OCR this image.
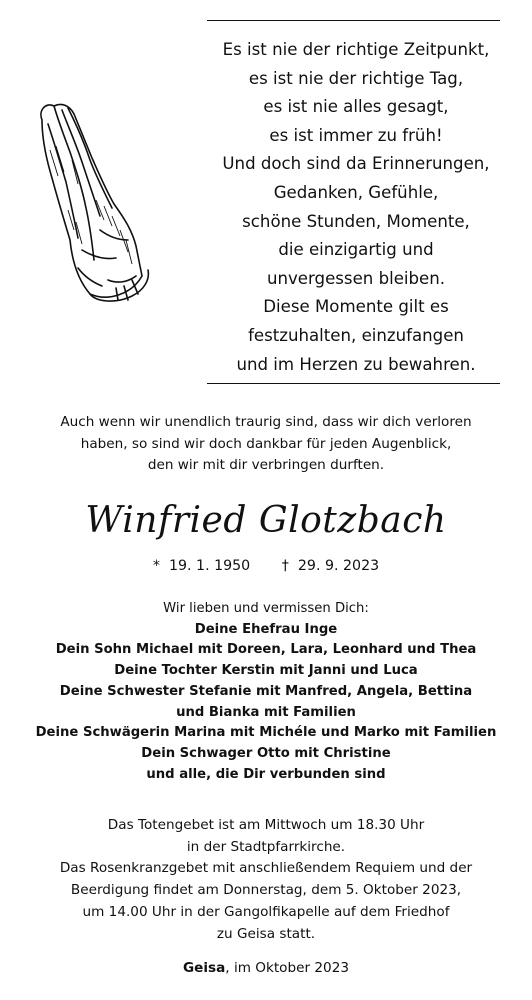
Es ist nie der richtige Zeitpunkt,
es ist nie der richtige Tag,
es ist nie alles gesagt,
es ist immer zu früh!
Und doch sind da Erinnerungen,
Gedanken, Gefühle,
schöne Stunden, Momente,
die einzigartig und
unvergessen bleiben.
Diese Momente gilt es
festzuhalten, einzufangen
und im Herzen zu bewahren.
Auch wenn wir unendlich traurig sind, dass wir dich verloren
haben, so sind wir doch dankbar für jeden Augenblick,
den wir mit dir verbringen durften.
Winfried Glotzbach
*  19. 1. 1950       †  29. 9. 2023
Wir lieben und vermissen Dich:
Deine Ehefrau Inge
Dein Sohn Michael mit Doreen, Lara, Leonhard und Thea
Deine Tochter Kerstin mit Janni und Luca
Deine Schwester Stefanie mit Manfred, Angela, Bettina
und Bianka mit Familien
Deine Schwägerin Marina mit Michéle und Marko mit Familien
Dein Schwager Otto mit Christine
und alle, die Dir verbunden sind
Das Totengebet ist am Mittwoch um 18.30 Uhr
in der Stadtpfarrkirche.
Das Rosenkranzgebet mit anschließendem Requiem und der
Beerdigung findet am Donnerstag, dem 5. Oktober 2023,
um 14.00 Uhr in der Gangolfikapelle auf dem Friedhof
zu Geisa statt.
Geisa, im Oktober 2023
